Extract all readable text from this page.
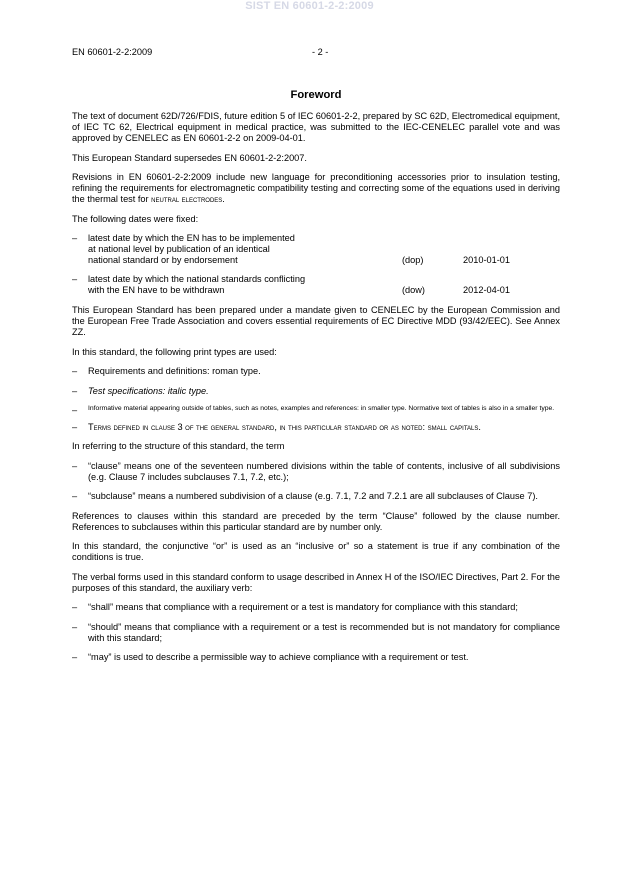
SIST EN 60601-2-2:2009
EN 60601-2-2:2009	- 2 -
Foreword

The text of document 62D/726/FDIS, future edition 5 of IEC 60601-2-2, prepared by SC 62D, Electromedical equipment, of IEC TC 62, Electrical equipment in medical practice, was submitted to the IEC-CENELEC parallel vote and was approved by CENELEC as EN 60601-2-2 on 2009-04-01.

This European Standard supersedes EN 60601-2-2:2007.

Revisions in EN 60601-2-2:2009 include new language for preconditioning accessories prior to insulation testing, refining the requirements for electromagnetic compatibility testing and correcting some of the equations used in deriving the thermal test for neutral electrodes.

The following dates were fixed:

– latest date by which the EN has to be implemented
at national level by publication of an identical
national standard or by endorsement	(dop)	2010-01-01
– latest date by which the national standards conflicting
with the EN have to be withdrawn	(dow)	2012-04-01

This European Standard has been prepared under a mandate given to CENELEC by the European Commission and the European Free Trade Association and covers essential requirements of EC Directive MDD (93/42/EEC). See Annex ZZ.

In this standard, the following print types are used:

– Requirements and definitions: roman type.
– Test specifications: italic type.
– Informative material appearing outside of tables, such as notes, examples and references: in smaller type. Normative text of tables is also in a smaller type.
– Terms defined in clause 3 of the general standard, in this particular standard or as noted: small capitals.

In referring to the structure of this standard, the term

– “clause” means one of the seventeen numbered divisions within the table of contents, inclusive of all subdivisions (e.g. Clause 7 includes subclauses 7.1, 7.2, etc.);
– “subclause” means a numbered subdivision of a clause (e.g. 7.1, 7.2 and 7.2.1 are all subclauses of Clause 7).

References to clauses within this standard are preceded by the term “Clause” followed by the clause number. References to subclauses within this particular standard are by number only.

In this standard, the conjunctive “or” is used as an “inclusive or” so a statement is true if any combination of the conditions is true.

The verbal forms used in this standard conform to usage described in Annex H of the ISO/IEC Directives, Part 2. For the purposes of this standard, the auxiliary verb:

– “shall” means that compliance with a requirement or a test is mandatory for compliance with this standard;
– “should” means that compliance with a requirement or a test is recommended but is not mandatory for compliance with this standard;
– “may” is used to describe a permissible way to achieve compliance with a requirement or test.
